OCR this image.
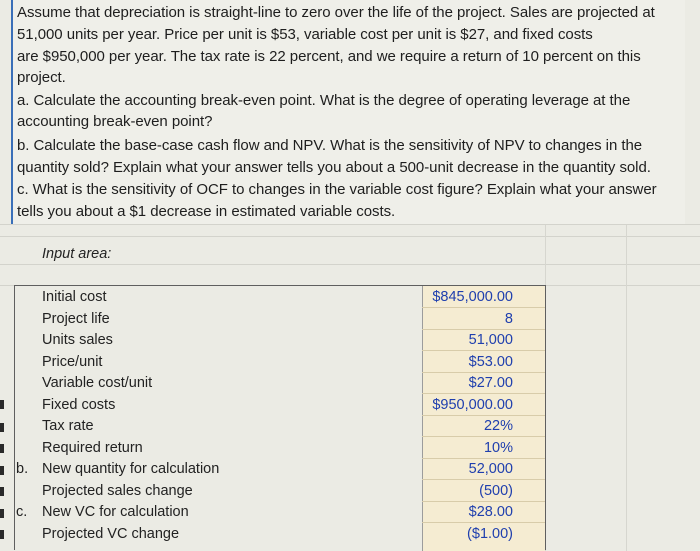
Assume that depreciation is straight-line to zero over the life of the project. Sales are projected at
51,000 units per year. Price per unit is $53, variable cost per unit is $27, and fixed costs
are $950,000 per year. The tax rate is 22 percent, and we require a return of 10 percent on this
project.
a. Calculate the accounting break-even point. What is the degree of operating leverage at the
accounting break-even point?
b. Calculate the base-case cash flow and NPV. What is the sensitivity of NPV to changes in the
quantity sold? Explain what your answer tells you about a 500-unit decrease in the quantity sold.
c. What is the sensitivity of OCF to changes in the variable cost figure? Explain what your answer
tells you about a $1 decrease in estimated variable costs.
Input area:
Initial cost	$845,000.00
Project life	8
Units sales	51,000
Price/unit	$53.00
Variable cost/unit	$27.00
Fixed costs	$950,000.00
Tax rate	22%
Required return	10%
b. New quantity for calculation	52,000
Projected sales change	(500)
c. New VC for calculation	$28.00
Projected VC change	($1.00)
